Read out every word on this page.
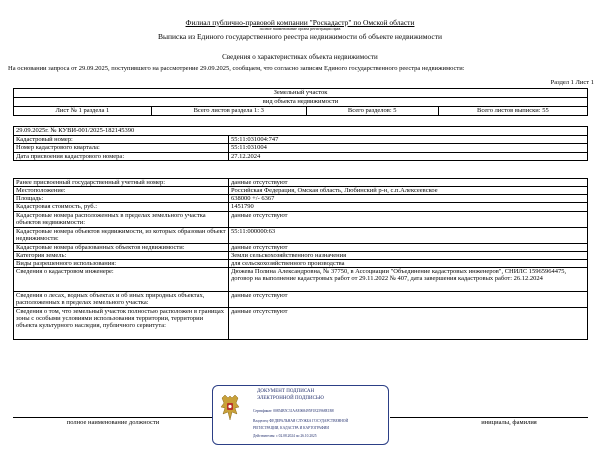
Филиал публично-правовой компании "Роскадастр" по Омской области
полное наименование органа регистрации прав
Выписка из Единого государственного реестра недвижимости об объекте недвижимости
Сведения о характеристиках объекта недвижимости
На основании запроса от 29.09.2025, поступившего на рассмотрение 29.09.2025, сообщаем, что согласно записям Единого государственного реестра недвижимости:
Раздел 1 Лист 1
Земельный участок
вид объекта недвижимости
Лист № 1 раздела 1	Всего листов раздела 1: 3	Всего разделов: 5	Всего листов выписки: 55
29.09.2025г. № КУВИ-001/2025-182145390	
Кадастровый номер:	55:11:031004:747
Номер кадастрового квартала:	55:11:031004
Дата присвоения кадастрового номера:	27.12.2024
Ранее присвоенный государственный учетный номер:	данные отсутствуют
Местоположение:	Российская Федерация, Омская область, Любинский р-н, с.п.Алексеевское
Площадь:	638000 +/- 6367
Кадастровая стоимость, руб.:	1451790
Кадастровые номера расположенных в пределах земельного участка объектов недвижимости:	данные отсутствуют
Кадастровые номера объектов недвижимости, из которых образован объект недвижимости:	55:11:000000:63
Кадастровые номера образованных объектов недвижимости:	данные отсутствуют
Категория земель:	Земли сельскохозяйственного назначения
Виды разрешенного использования:	для сельскохозяйственного производства
Сведения о кадастровом инженере:	Дюжева Полина Александровна, № 37750, в Ассоциации "Объединение кадастровых инженеров", СНИЛС 15965964475, договор на выполнение кадастровых работ от 29.11.2022 № 407, дата завершения кадастровых работ: 26.12.2024
Сведения о лесах, водных объектах и об иных природных объектах, расположенных в пределах земельного участка:	данные отсутствуют
Сведения о том, что земельный участок полностью расположен в границах зоны с особыми условиями использования территории, территории объекта культурного наследия, публичного сервитута:	данные отсутствуют
полное наименование должности	инициалы, фамилия
ДОКУМЕНТ ПОДПИСАН
ЭЛЕКТРОННОЙ ПОДПИСЬЮ
Сертификат: 00854B5C31AAE068495F1E25968E1B8
Владелец: ФЕДЕРАЛЬНАЯ СЛУЖБА ГОСУДАРСТВЕННОЙ
РЕГИСТРАЦИИ, КАДАСТРА И КАРТОГРАФИИ
Действителен: с 02.08.2024 по 26.10.2025
